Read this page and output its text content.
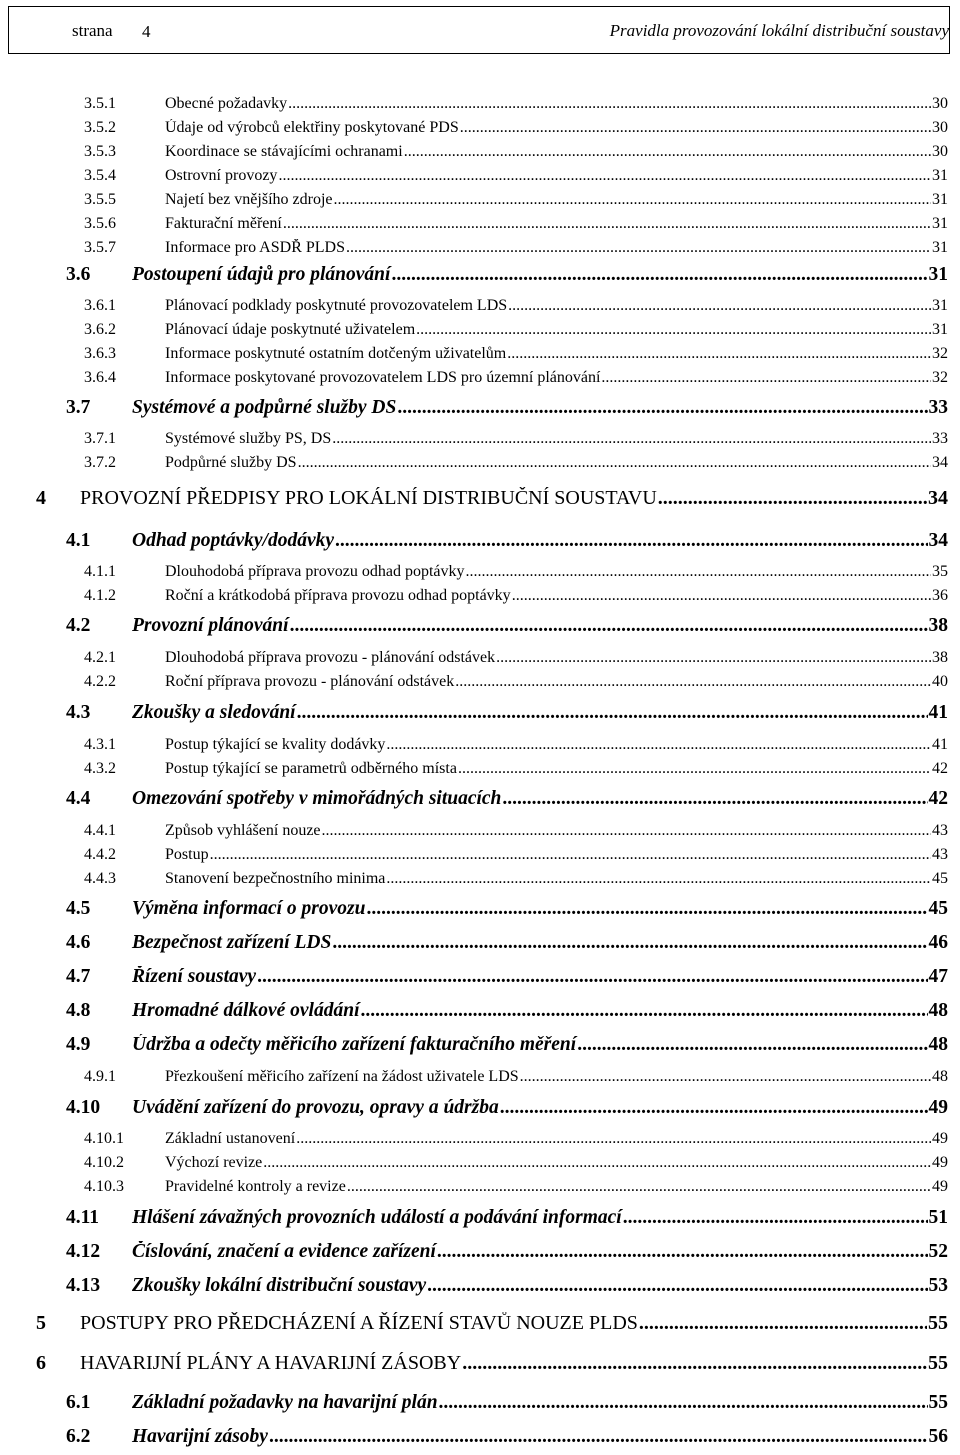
strana 4	Pravidla provozování lokální distribuční soustavy
3.5.1	Obecné požadavky .....	30
3.5.2	Údaje od výrobců elektřiny poskytované PDS .....	30
3.5.3	Koordinace se stávajícími ochranami .....	30
3.5.4	Ostrovní provozy .....	31
3.5.5	Najetí bez vnějšího zdroje .....	31
3.5.6	Fakturační měření .....	31
3.5.7	Informace pro ASDŘ PLDS .....	31
3.6	Postoupení údajů pro plánování .....	31
3.6.1	Plánovací podklady poskytnuté provozovatelem LDS .....	31
3.6.2	Plánovací údaje poskytnuté uživatelem .....	31
3.6.3	Informace poskytnuté ostatním dotčeným uživatelům .....	32
3.6.4	Informace poskytované provozovatelem LDS pro územní plánování .....	32
3.7	Systémové a podpůrné služby DS .....	33
3.7.1	Systémové služby PS, DS .....	33
3.7.2	Podpůrné služby DS .....	34
4	PROVOZNÍ PŘEDPISY PRO LOKÁLNÍ DISTRIBUČNÍ SOUSTAVU .....	34
4.1	Odhad poptávky/dodávky .....	34
4.1.1	Dlouhodobá příprava provozu odhad poptávky .....	35
4.1.2	Roční a krátkodobá příprava provozu odhad poptávky .....	36
4.2	Provozní plánování .....	38
4.2.1	Dlouhodobá příprava provozu - plánování odstávek .....	38
4.2.2	Roční příprava provozu - plánování odstávek .....	40
4.3	Zkoušky a sledování .....	41
4.3.1	Postup týkající se kvality dodávky .....	41
4.3.2	Postup týkající se parametrů odběrného místa .....	42
4.4	Omezování spotřeby v mimořádných situacích .....	42
4.4.1	Způsob vyhlášení nouze .....	43
4.4.2	Postup .....	43
4.4.3	Stanovení bezpečnostního minima .....	45
4.5	Výměna informací o provozu .....	45
4.6	Bezpečnost zařízení LDS .....	46
4.7	Řízení soustavy .....	47
4.8	Hromadné dálkové ovládání .....	48
4.9	Údržba a odečty měřicího zařízení fakturačního měření .....	48
4.9.1	Přezkoušení měřicího zařízení na žádost uživatele LDS .....	48
4.10	Uvádění zařízení do provozu, opravy a údržba .....	49
4.10.1	Základní ustanovení .....	49
4.10.2	Výchozí revize .....	49
4.10.3	Pravidelné kontroly a revize .....	49
4.11	Hlášení závažných provozních událostí a podávání informací .....	51
4.12	Číslování, značení a evidence zařízení .....	52
4.13	Zkoušky lokální distribuční soustavy .....	53
5	POSTUPY PRO PŘEDCHÁZENÍ A ŘÍZENÍ STAVŮ NOUZE PLDS .....	55
6	HAVARIJNÍ PLÁNY A HAVARIJNÍ ZÁSOBY .....	55
6.1	Základní požadavky na havarijní plán .....	55
6.2	Havarijní zásoby .....	56
